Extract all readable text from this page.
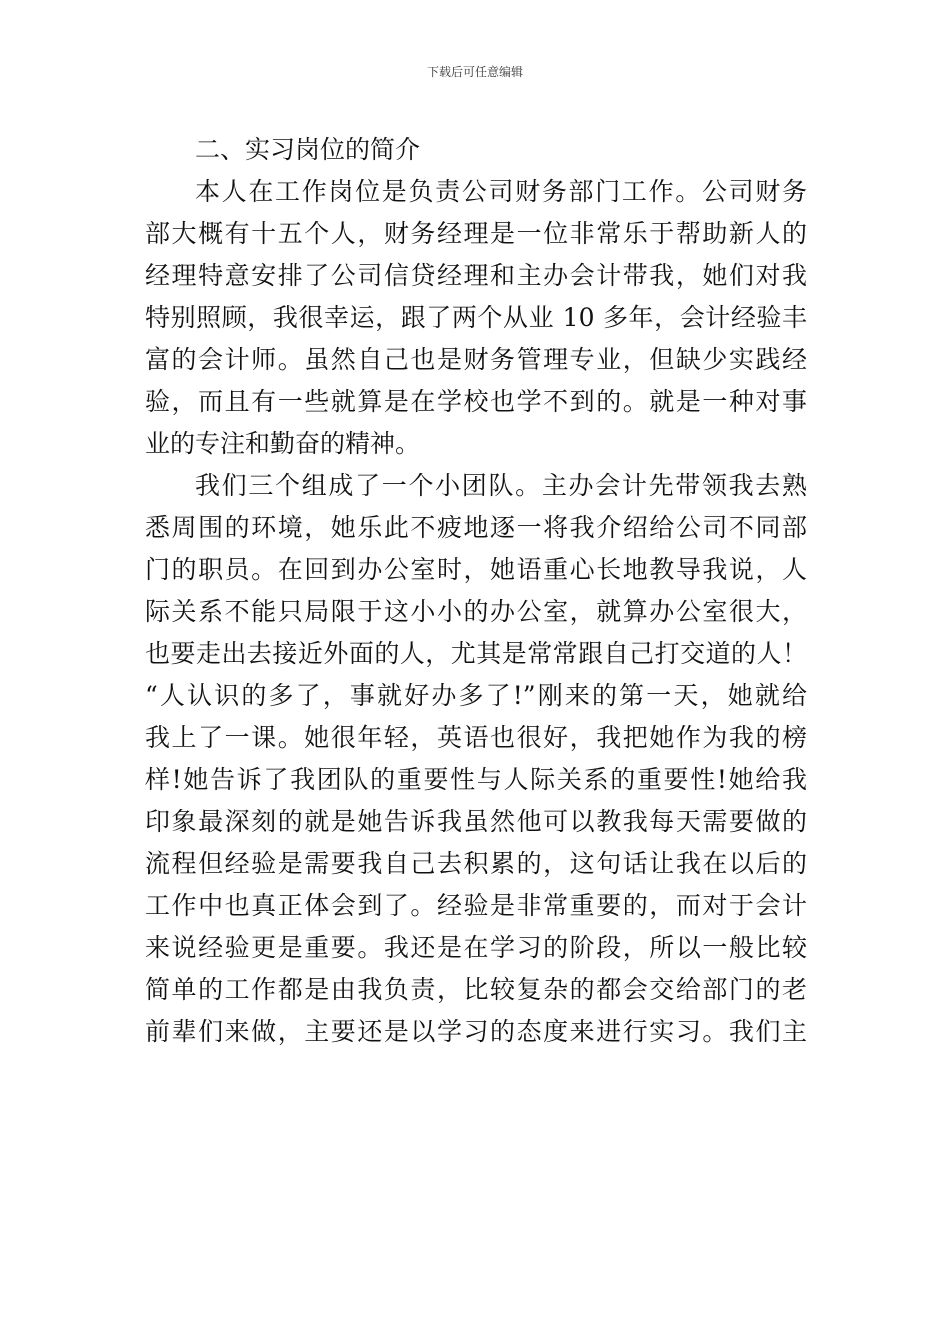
下载后可任意编辑

二、实习岗位的简介

本人在工作岗位是负责公司财务部门工作。公司财务

部大概有十五个人，财务经理是一位非常乐于帮助新人的

经理特意安排了公司信贷经理和主办会计带我，她们对我

特别照顾，我很幸运，跟了两个从业 10 多年，会计经验丰

富的会计师。虽然自己也是财务管理专业，但缺少实践经

验，而且有一些就算是在学校也学不到的。就是一种对事

业的专注和勤奋的精神。

我们三个组成了一个小团队。主办会计先带领我去熟

悉周围的环境，她乐此不疲地逐一将我介绍给公司不同部

门的职员。在回到办公室时，她语重心长地教导我说，人

际关系不能只局限于这小小的办公室，就算办公室很大，

也要走出去接近外面的人，尤其是常常跟自己打交道的人！

“人认识的多了，事就好办多了!”刚来的第一天，她就给

我上了一课。她很年轻，英语也很好，我把她作为我的榜

样!她告诉了我团队的重要性与人际关系的重要性!她给我

印象最深刻的就是她告诉我虽然他可以教我每天需要做的

流程但经验是需要我自己去积累的，这句话让我在以后的

工作中也真正体会到了。经验是非常重要的，而对于会计

来说经验更是重要。我还是在学习的阶段，所以一般比较

简单的工作都是由我负责，比较复杂的都会交给部门的老

前辈们来做，主要还是以学习的态度来进行实习。我们主
